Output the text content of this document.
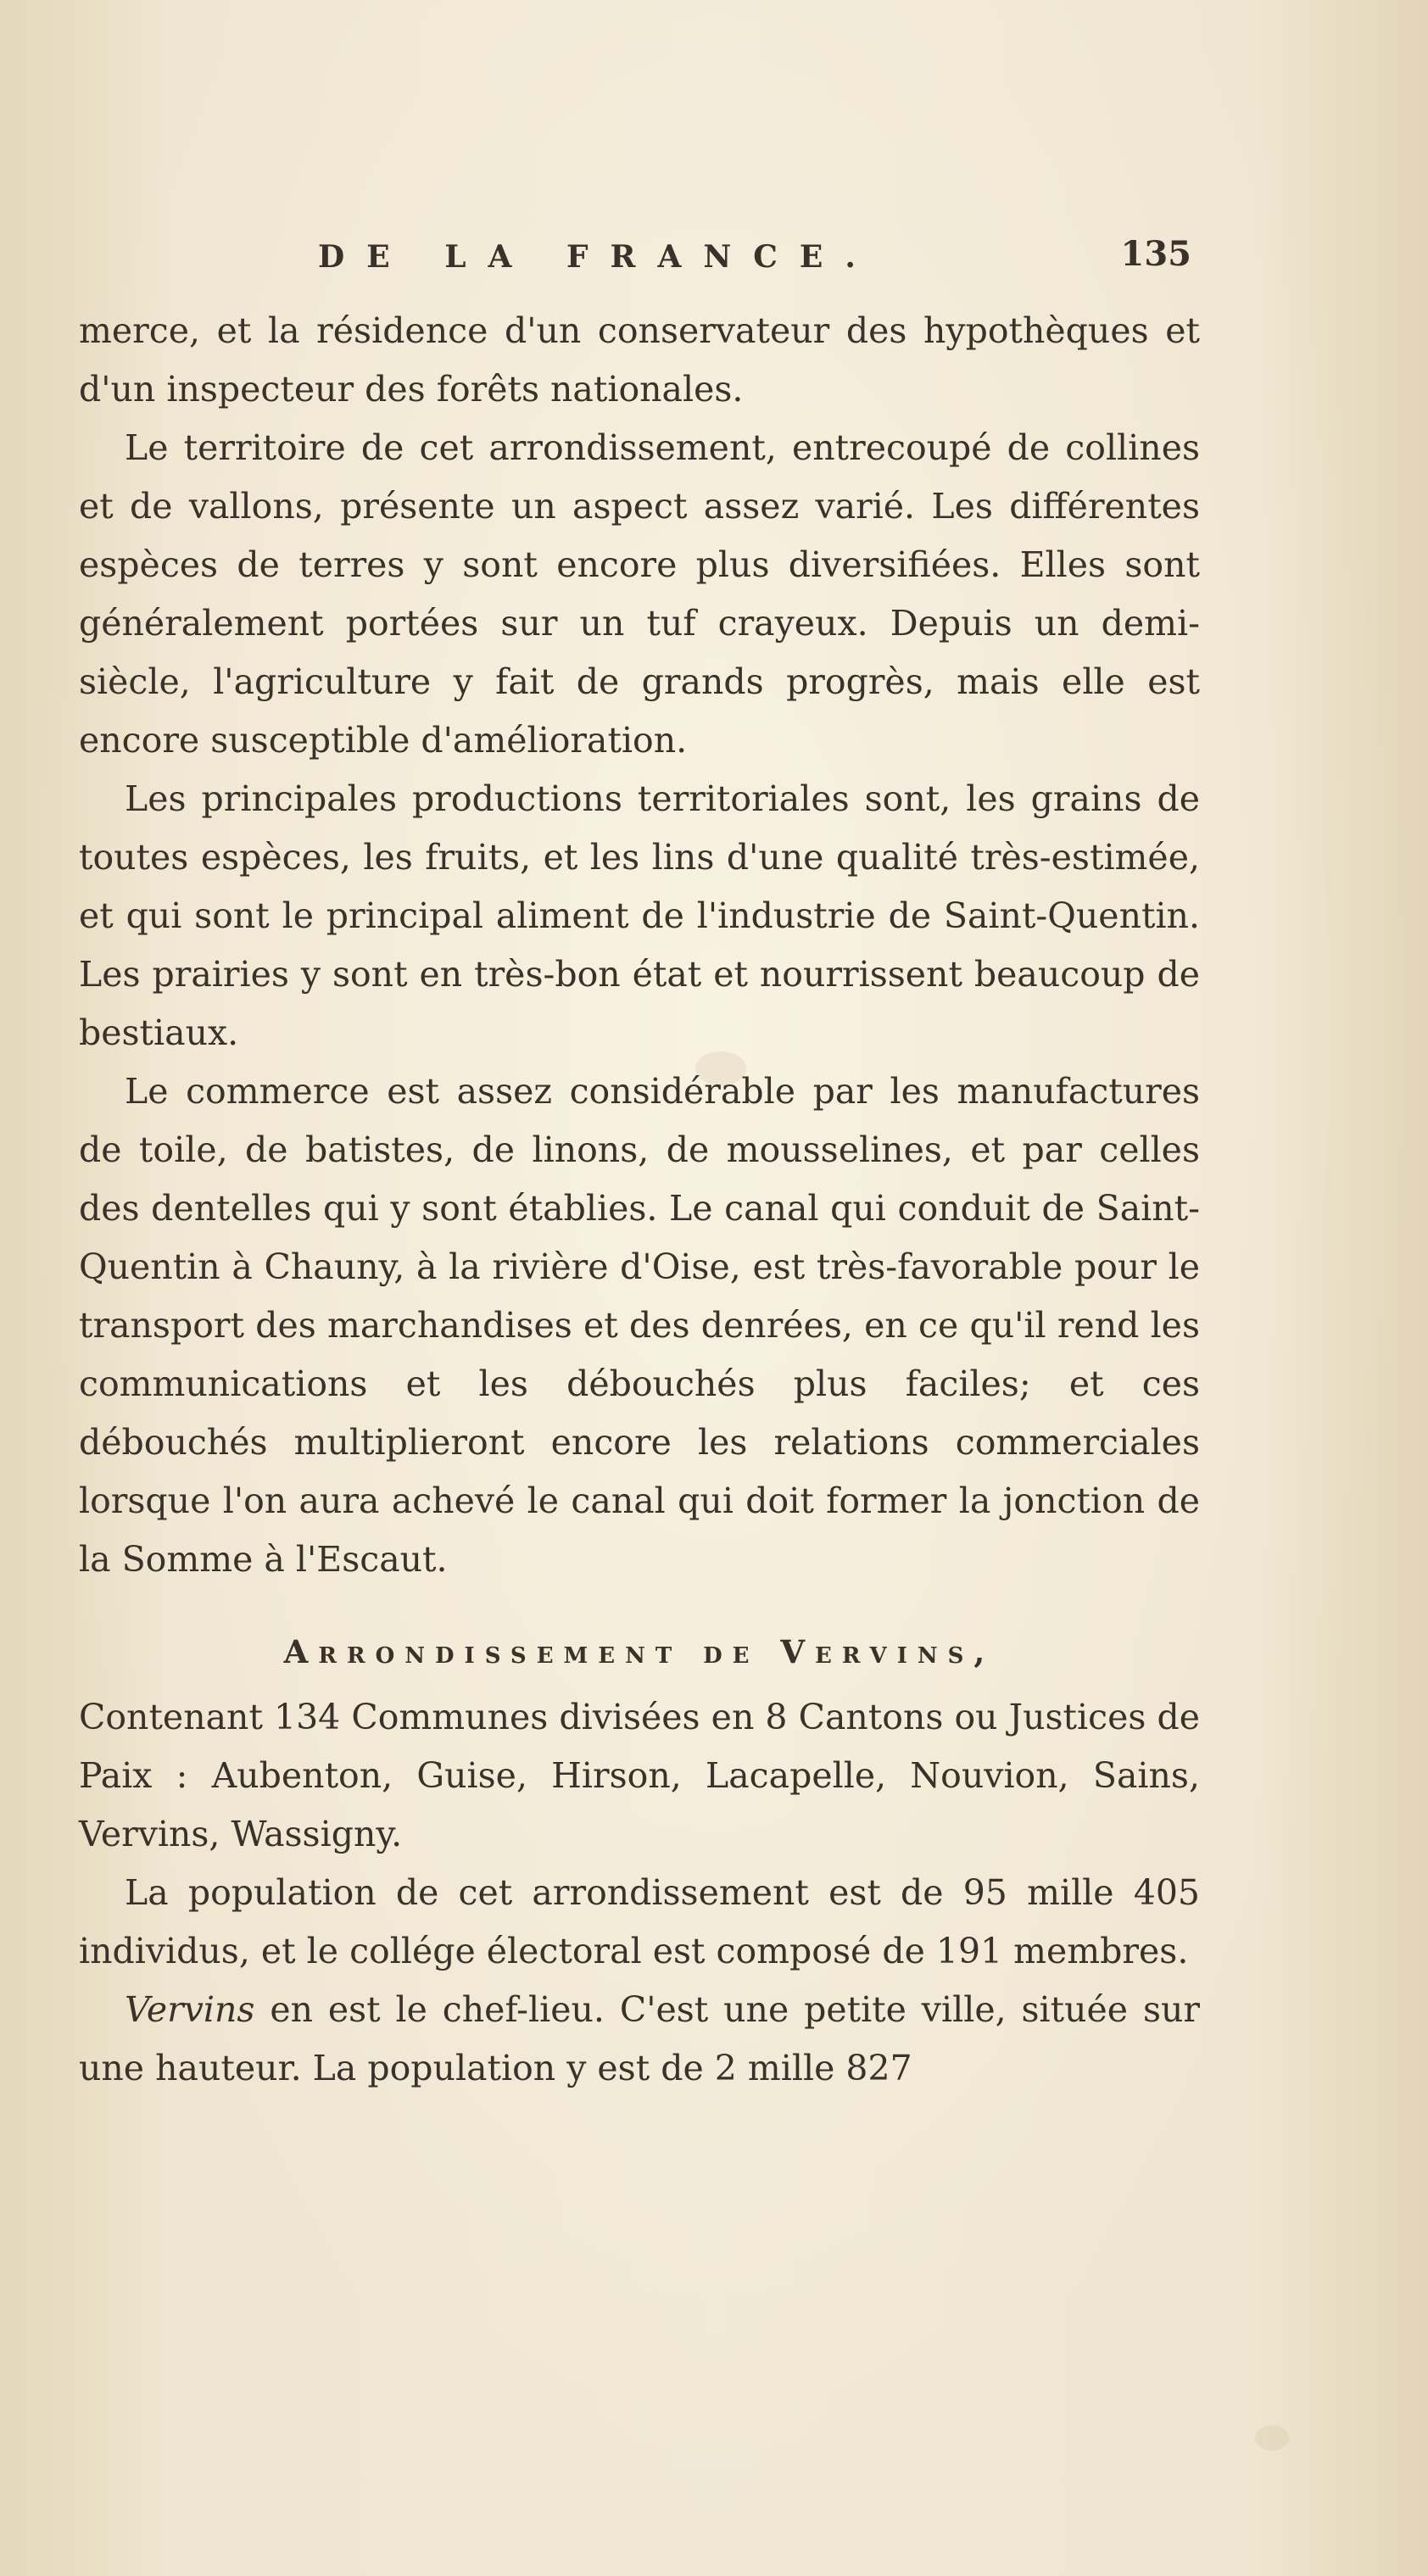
DE LA FRANCE.	135

merce, et la résidence d'un conservateur des hypothèques et d'un inspecteur des forêts nationales.

Le territoire de cet arrondissement, entrecoupé de collines et de vallons, présente un aspect assez varié. Les différentes espèces de terres y sont encore plus diversifiées. Elles sont généralement portées sur un tuf crayeux. Depuis un demi-siècle, l'agriculture y fait de grands progrès, mais elle est encore susceptible d'amélioration.

Les principales productions territoriales sont, les grains de toutes espèces, les fruits, et les lins d'une qualité très-estimée, et qui sont le principal aliment de l'industrie de Saint-Quentin. Les prairies y sont en très-bon état et nourrissent beaucoup de bestiaux.

Le commerce est assez considérable par les manufactures de toile, de batistes, de linons, de mousselines, et par celles des dentelles qui y sont établies. Le canal qui conduit de Saint-Quentin à Chauny, à la rivière d'Oise, est très-favorable pour le transport des marchandises et des denrées, en ce qu'il rend les communications et les débouchés plus faciles; et ces débouchés multiplieront encore les relations commerciales lorsque l'on aura achevé le canal qui doit former la jonction de la Somme à l'Escaut.

Arrondissement de Vervins,

Contenant 134 Communes divisées en 8 Cantons ou Justices de Paix : Aubenton, Guise, Hirson, Lacapelle, Nouvion, Sains, Vervins, Wassigny.

La population de cet arrondissement est de 95 mille 405 individus, et le collége électoral est composé de 191 membres.

Vervins en est le chef-lieu. C'est une petite ville, située sur une hauteur. La population y est de 2 mille 827
